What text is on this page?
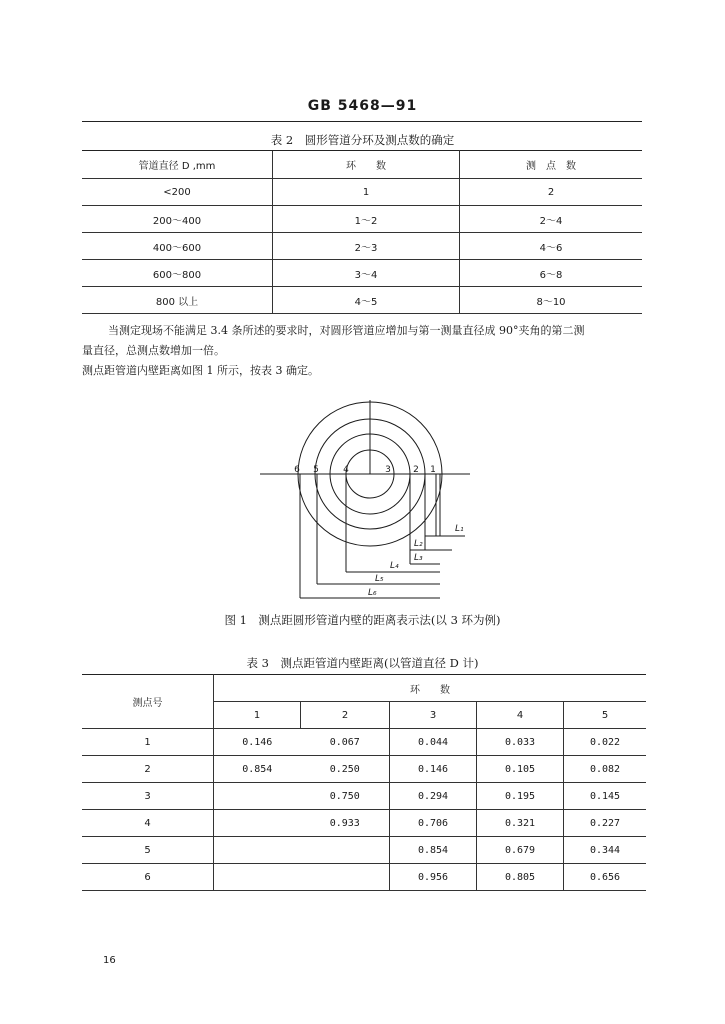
GB 5468—91
表 2　圆形管道分环及测点数的确定
管道直径 D ,mm	环　　数	测　点　数
<200	1	2
200～400	1～2	2～4
400～600	2～3	4～6
600～800	3～4	6～8
800 以上	4～5	8～10
当测定现场不能满足 3.4 条所述的要求时，对圆形管道应增加与第一测量直径成 90°夹角的第二测
量直径，总测点数增加一倍。
测点距管道内壁距离如图 1 所示，按表 3 确定。
6 5	4	3 2 1
L₁
L₂
L₃
L₄
L₅
L₆
图 1　测点距圆形管道内壁的距离表示法(以 3 环为例)
表 3　测点距管道内壁距离(以管道直径 D 计)
测点号	环　　数				
	1	2	3	4	5
1	0.146	0.067	0.044	0.033	0.022
2	0.854	0.250	0.146	0.105	0.082
3		0.750	0.294	0.195	0.145
4		0.933	0.706	0.321	0.227
5			0.854	0.679	0.344
6			0.956	0.805	0.656
16
